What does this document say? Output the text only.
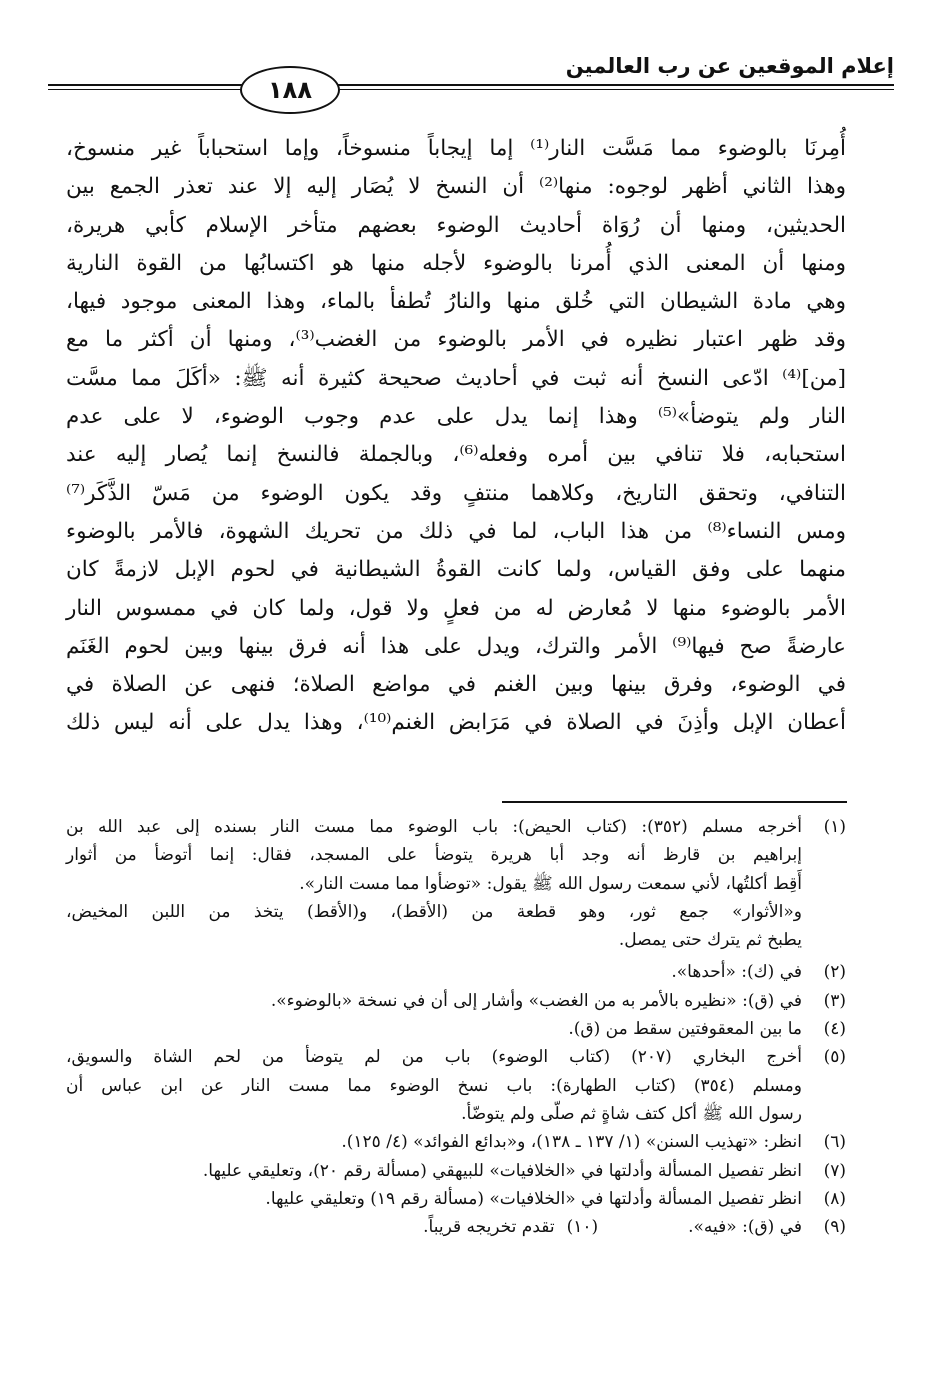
إعلام الموقعين عن رب العالمين
١٨٨
أُمِرنَا بالوضوء مما مَسَّت النار⁽¹⁾ إما إيجاباً منسوخاً، وإما استحباباً غير منسوخ،
وهذا الثاني أظهر لوجوه: منها⁽²⁾ أن النسخ لا يُصَار إليه إلا عند تعذر الجمع بين
الحديثين، ومنها أن رُوَاة أحاديث الوضوء بعضهم متأخر الإسلام كأبي هريرة،
ومنها أن المعنى الذي أُمرنا بالوضوء لأجله منها هو اكتسابُها من القوة النارية
وهي مادة الشيطان التي خُلق منها والنارُ تُطفأ بالماء، وهذا المعنى موجود فيها،
وقد ظهر اعتبار نظيره في الأمر بالوضوء من الغضب⁽³⁾، ومنها أن أكثر ما مع
[من]⁽⁴⁾ ادّعى النسخ أنه ثبت في أحاديث صحيحة كثيرة أنه ﷺ: «أكَلَ مما مسَّت
النار ولم يتوضأ»⁽⁵⁾ وهذا إنما يدل على عدم وجوب الوضوء، لا على عدم
استحبابه، فلا تنافي بين أمره وفعله⁽⁶⁾، وبالجملة فالنسخ إنما يُصار إليه عند
التنافي، وتحقق التاريخ، وكلاهما منتفٍ وقد يكون الوضوء من مَسّ الذَّكَر⁽⁷⁾
ومس النساء⁽⁸⁾ من هذا الباب، لما في ذلك من تحريك الشهوة، فالأمر بالوضوء
منهما على وفق القياس، ولما كانت القوةُ الشيطانية في لحوم الإبل لازمةً كان
الأمر بالوضوء منها لا مُعارض له من فعلٍ ولا قول، ولما كان في ممسوس النار
عارضةً صح فيها⁽⁹⁾ الأمر والترك، ويدل على هذا أنه فرق بينها وبين لحوم الغَنَم
في الوضوء، وفرق بينها وبين الغنم في مواضع الصلاة؛ فنهى عن الصلاة في
أعطان الإبل وأذِنَ في الصلاة في مَرَابض الغنم⁽¹⁰⁾، وهذا يدل على أنه ليس ذلك
(١)
أخرجه مسلم (٣٥٢): (كتاب الحيض): باب الوضوء مما مست النار بسنده إلى عبد الله بن
إبراهيم بن قارظ أنه وجد أبا هريرة يتوضأ على المسجد، فقال: إنما أتوضأ من أثوار
أَقِط أكلتُها، لأني سمعت رسول الله ﷺ يقول: «توضأوا مما مست النار».
و«الأثوار» جمع ثور، وهو قطعة من (الأقط)، و(الأقط) يتخذ من اللبن المخيض،
يطبخ ثم يترك حتى يمصل.
(٢)
في (ك): «أحدها».
(٣)
في (ق): «نظيره بالأمر به من الغضب» وأشار إلى أن في نسخة «بالوضوء».
(٤)
ما بين المعقوفتين سقط من (ق).
(٥)
أخرج البخاري (٢٠٧) (كتاب الوضوء) باب من لم يتوضأ من لحم الشاة والسويق،
ومسلم (٣٥٤) (كتاب الطهارة): باب نسخ الوضوء مما مست النار عن ابن عباس أن
رسول الله ﷺ أكل كتف شاةٍ ثم صلّى ولم يتوضّأ.
(٦)
انظر: «تهذيب السنن» (١/ ١٣٧ ـ ١٣٨)، و«بدائع الفوائد» (٤/ ١٢٥).
(٧)
انظر تفصيل المسألة وأدلتها في «الخلافيات» للبيهقي (مسألة رقم ٢٠)، وتعليقي عليها.
(٨)
انظر تفصيل المسألة وأدلتها في «الخلافيات» (مسألة رقم ١٩) وتعليقي عليها.
(٩)
في (ق): «فيه».
(١٠)
تقدم تخريجه قريباً.
